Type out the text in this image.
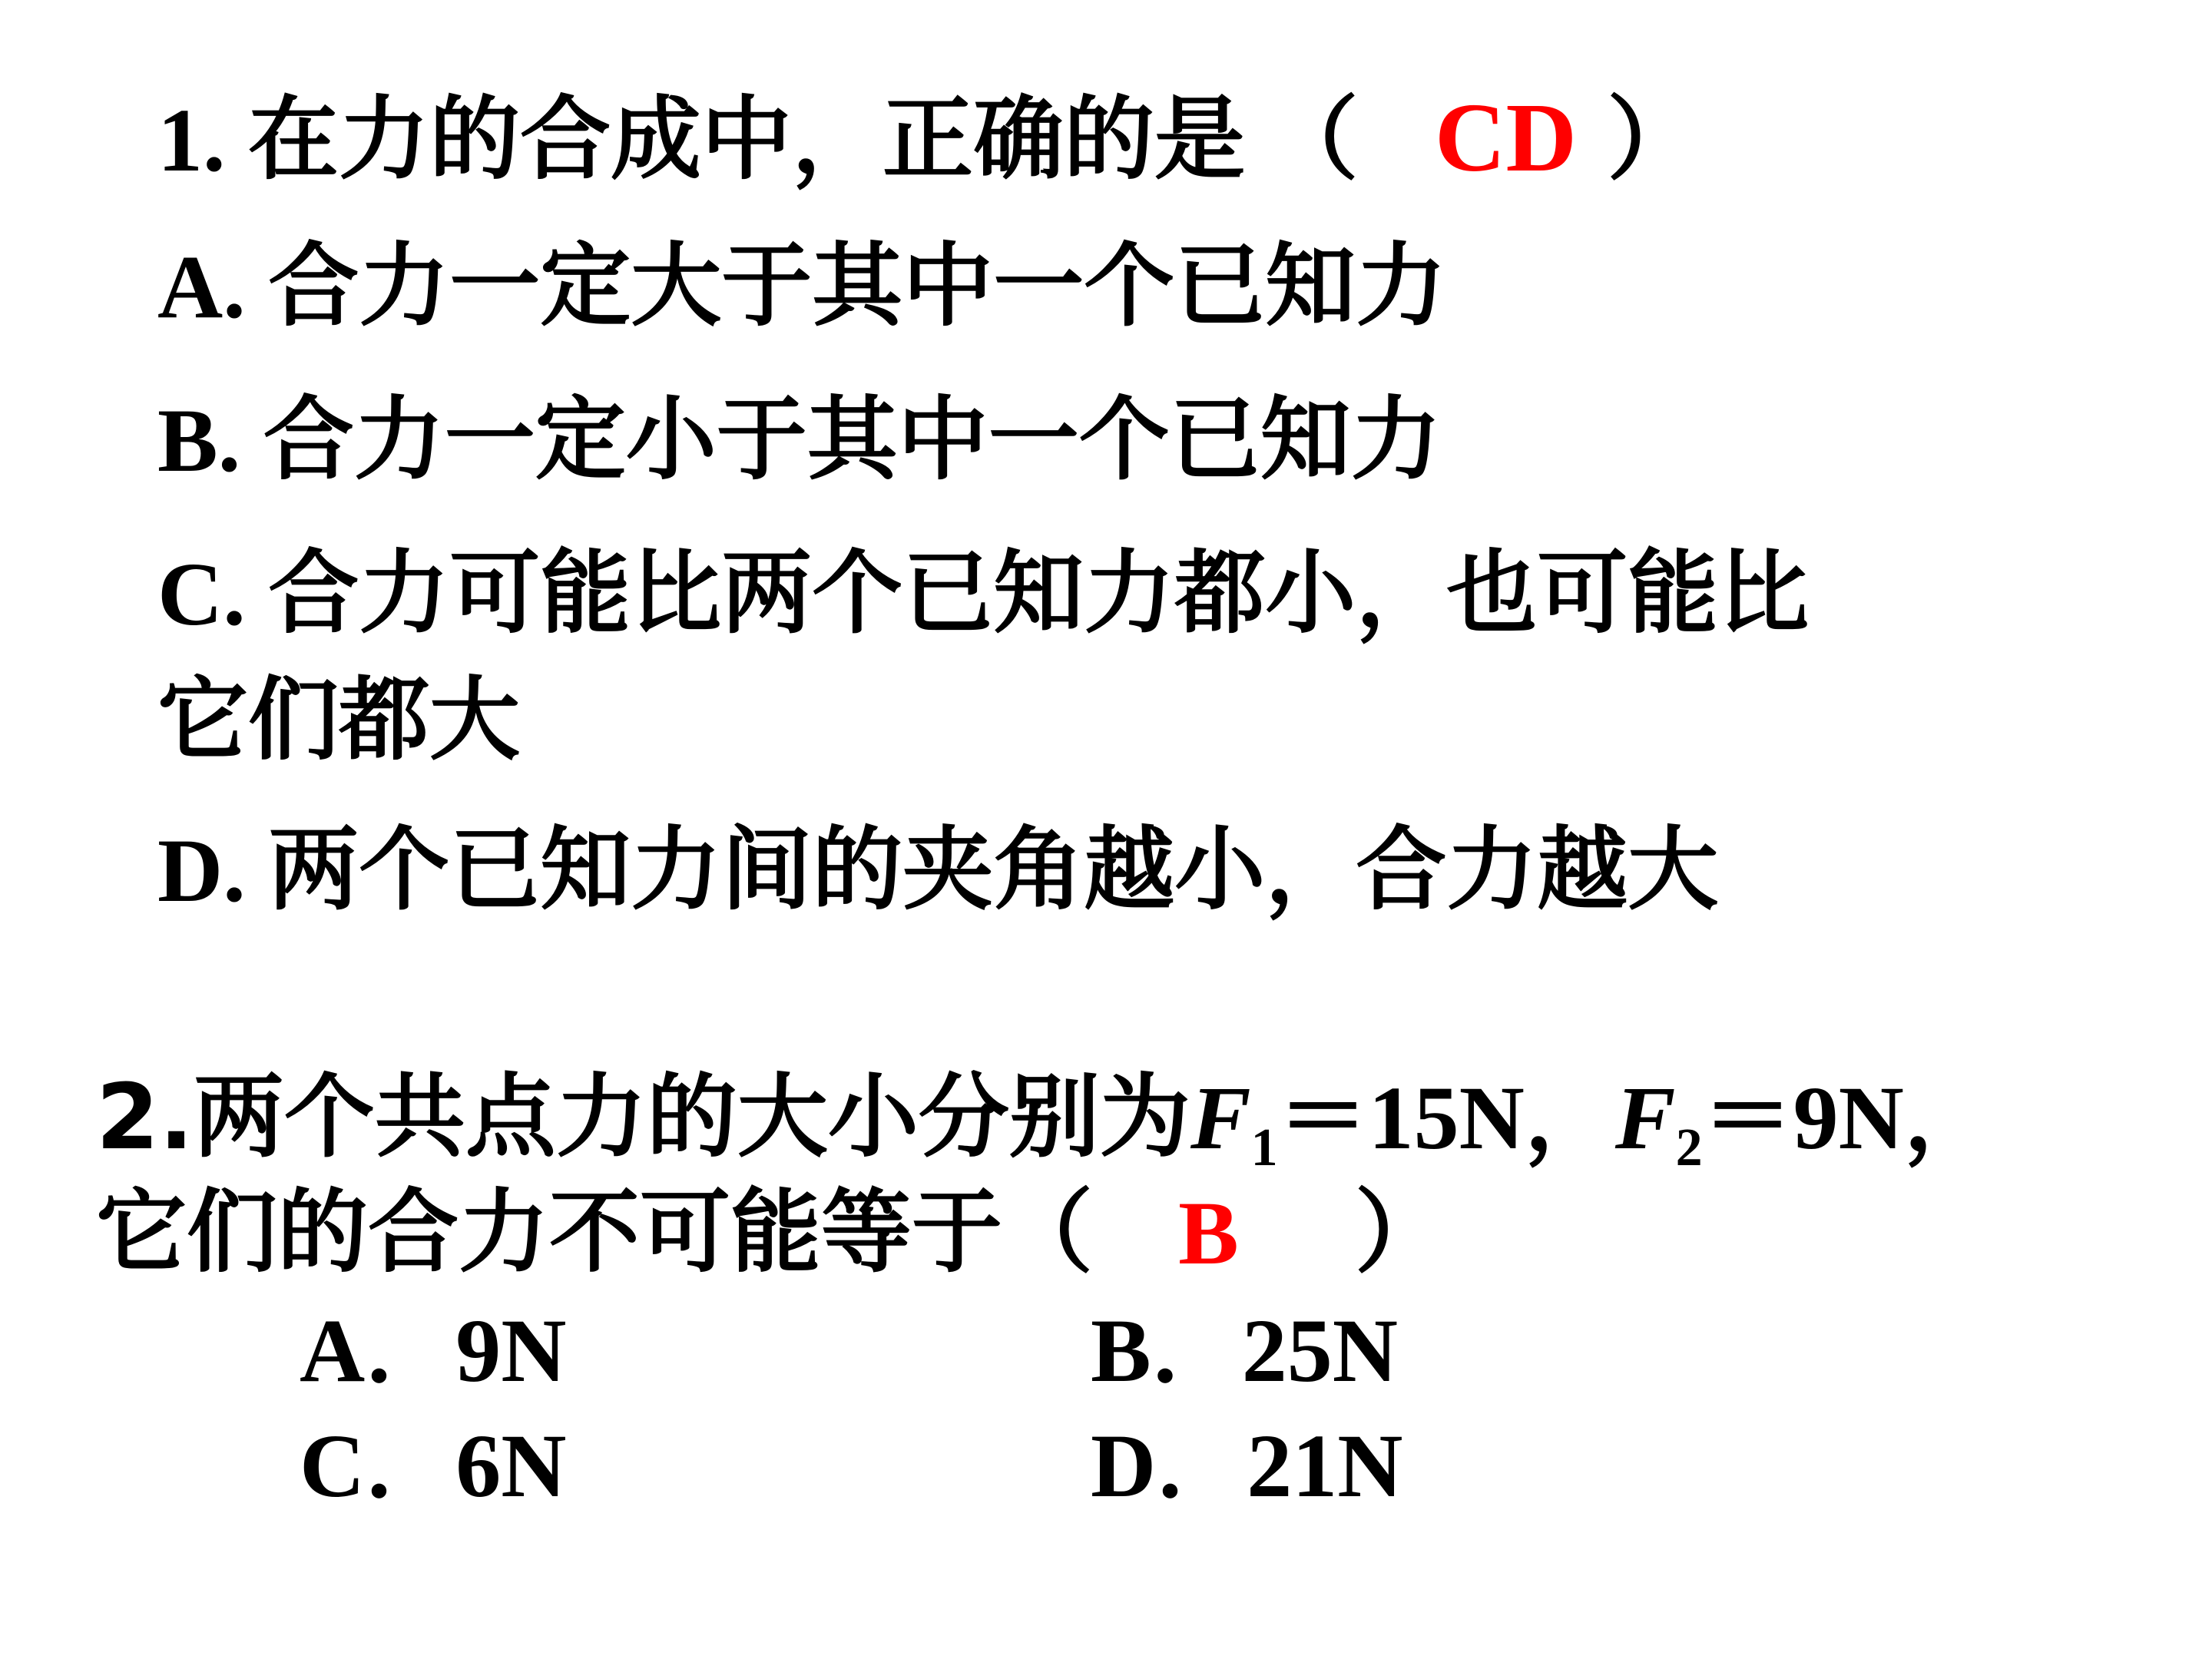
1. 在力的合成中，正确的是 （ CD ）
A. 合力一定大于其中一个已知力
B. 合力一定小于其中一个已知力
C. 合力可能比两个已知力都小，也可能比
它们都大
D. 两个已知力间的夹角越小，合力越大
2.两个共点力的大小分别为$F_1=15N$，$F_2=9N$，
它们的合力不可能等于（ B ）
A．9N	B．25N
C．6N	D．21N
